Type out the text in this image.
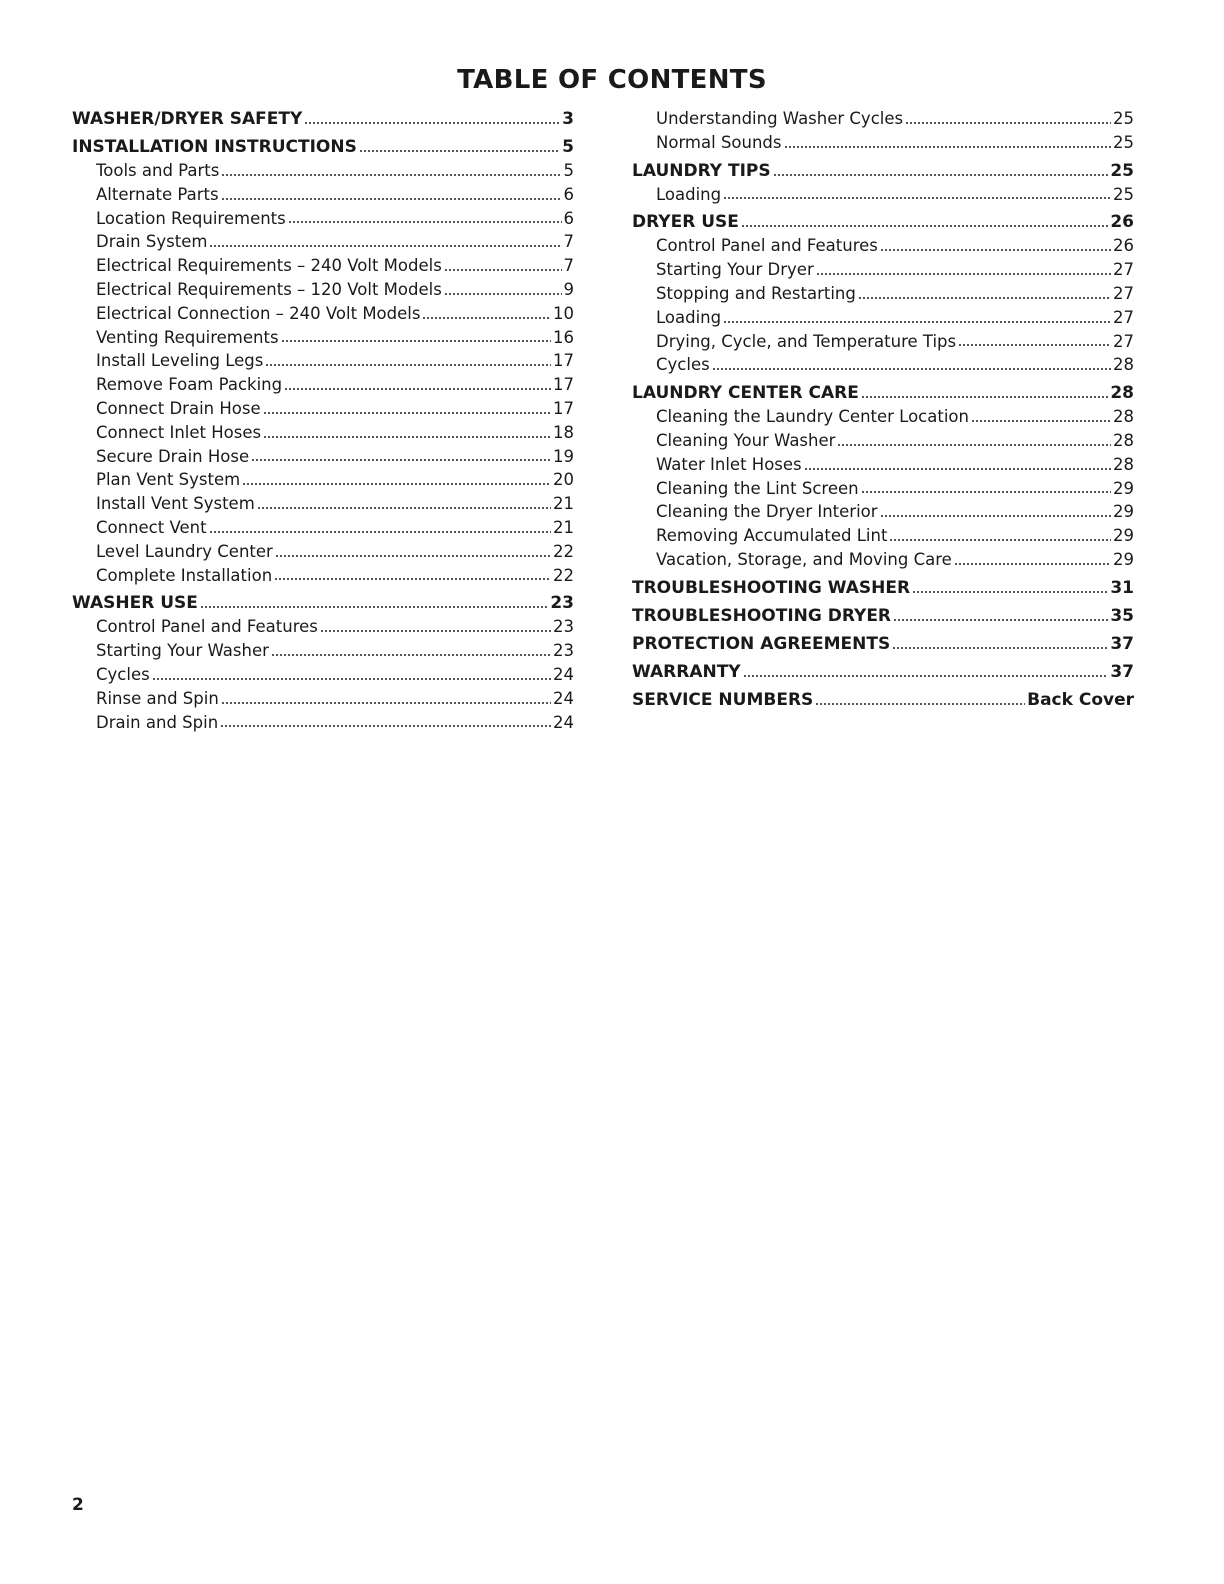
TABLE OF CONTENTS
WASHER/DRYER SAFETY	3
INSTALLATION INSTRUCTIONS	5
Tools and Parts	5
Alternate Parts	6
Location Requirements	6
Drain System	7
Electrical Requirements – 240 Volt Models	7
Electrical Requirements – 120 Volt Models	9
Electrical Connection – 240 Volt Models	10
Venting Requirements	16
Install Leveling Legs	17
Remove Foam Packing	17
Connect Drain Hose	17
Connect Inlet Hoses	18
Secure Drain Hose	19
Plan Vent System	20
Install Vent System	21
Connect Vent	21
Level Laundry Center	22
Complete Installation	22
WASHER USE	23
Control Panel and Features	23
Starting Your Washer	23
Cycles	24
Rinse and Spin	24
Drain and Spin	24
Understanding Washer Cycles	25
Normal Sounds	25
LAUNDRY TIPS	25
Loading	25
DRYER USE	26
Control Panel and Features	26
Starting Your Dryer	27
Stopping and Restarting	27
Loading	27
Drying, Cycle, and Temperature Tips	27
Cycles	28
LAUNDRY CENTER CARE	28
Cleaning the Laundry Center Location	28
Cleaning Your Washer	28
Water Inlet Hoses	28
Cleaning the Lint Screen	29
Cleaning the Dryer Interior	29
Removing Accumulated Lint	29
Vacation, Storage, and Moving Care	29
TROUBLESHOOTING WASHER	31
TROUBLESHOOTING DRYER	35
PROTECTION AGREEMENTS	37
WARRANTY	37
SERVICE NUMBERS	Back Cover
2
